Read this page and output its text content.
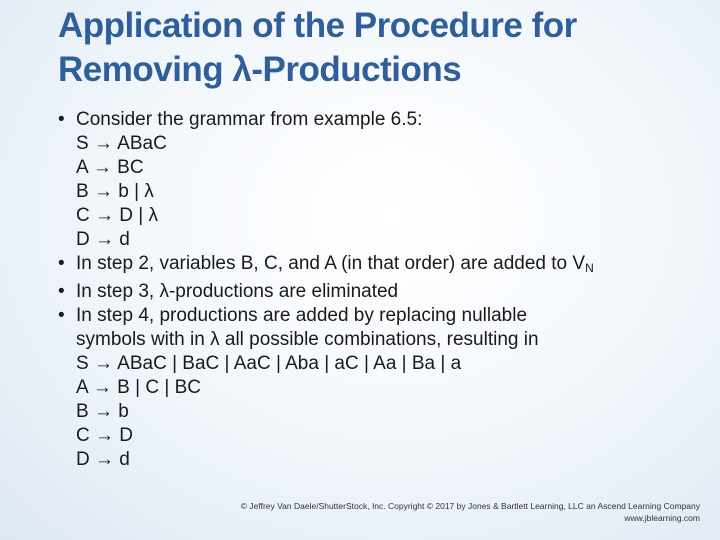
Application of the Procedure for
Removing λ-Productions
• Consider the grammar from example 6.5:
S → ABaC
A → BC
B → b | λ
C → D | λ
D → d
• In step 2, variables B, C, and A (in that order) are added to $V_N$
• In step 3, λ-productions are eliminated
• In step 4, productions are added by replacing nullable
symbols with in λ all possible combinations, resulting in
S → ABaC | BaC | AaC | Aba | aC | Aa | Ba | a
A → B | C | BC
B → b
C → D
D → d
© Jeffrey Van Daele/ShutterStock, Inc. Copyright © 2017 by Jones & Bartlett Learning, LLC an Ascend Learning Company
www.jblearning.com
